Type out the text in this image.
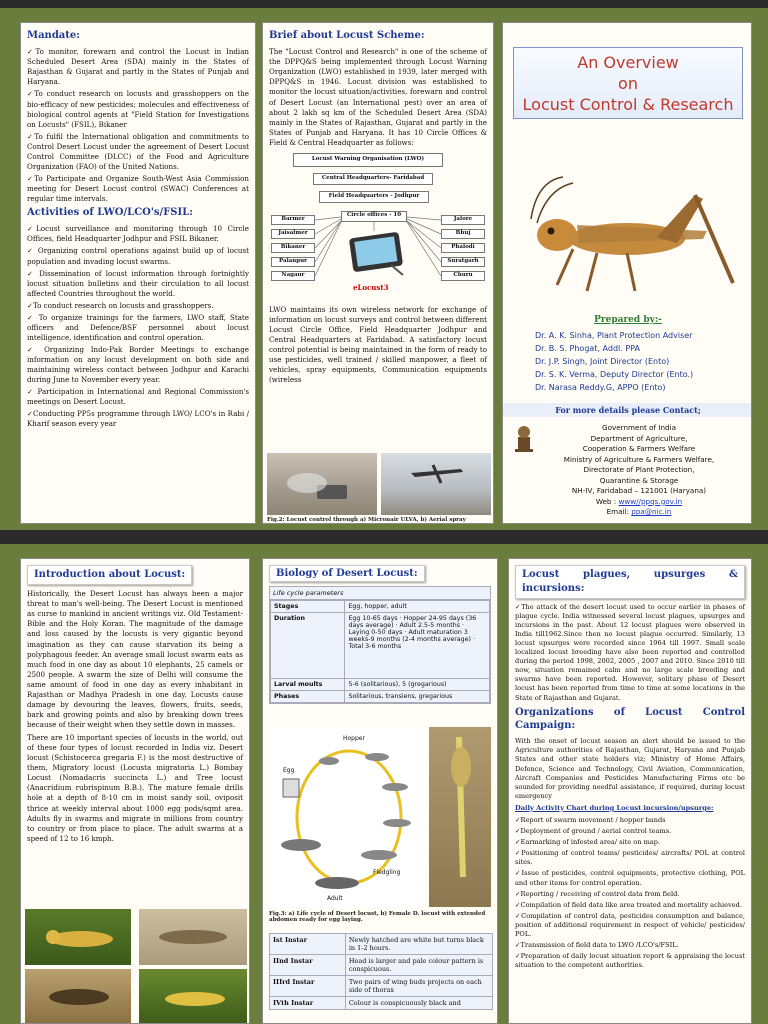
Mandate:

✓To monitor, forewarn and control the Locust in Indian Scheduled Desert Area (SDA) mainly in the States of Rajasthan & Gujarat and partly in the States of Punjab and Haryana.

✓To conduct research on locusts and grasshoppers on the bio-efficacy of new pesticides; molecules and effectiveness of biological control agents at "Field Station for Investigations on Locusts" (FSIL), Bikaner

✓To fulfil the International obligation and commitments to Control Desert Locust under the agreement of Desert Locust Control Committee (DLCC) of the Food and Agriculture Organization (FAO) of the United Nations.

✓To Participate and Organize South-West Asia Commission meeting for Desert Locust control (SWAC) Conferences at regular time intervals.

Activities of LWO/LCO's/FSIL:

✓Locust surveillance and monitoring through 10 Circle Offices, field Headquarter Jodhpur and FSIL Bikaner.

✓ Organizing control operations against build up of locust population and invading locust swarms.

✓ Dissemination of locust information through fortnightly locust situation bulletins and their circulation to all locust affected Countries throughout the world.

✓To conduct research on locusts and grasshoppers.

✓ To organize trainings for the farmers, LWO staff, State officers and Defence/BSF personnel about locust intelligence, identification and control operation.

✓ Organizing Indo-Pak Border Meetings to exchange information on any locust development on both side and maintaining wireless contact between Jodhpur and Karachi during June to November every year.

✓ Participation in International and Regional Commission's meetings on Desert Locust.

✓Conducting PP5s programme through LWO/ LCO's in Rabi / Kharif season every year

Brief about Locust Scheme:

The "Locust Control and Research" is one of the scheme of the DPPQ&S being implemented through Locust Warning Organization (LWO) established in 1939, later merged with DPPQ&S in 1946. Locust division was established to monitor the locust situation/activities, forewarn and control of Desert Locust (an International pest) over an area of about 2 lakh sq km of the Scheduled Desert Area (SDA) mainly in the States of Rajasthan, Gujarat and partly in the States of Punjab and Haryana. It has 10 Circle Offices & Field & Central Headquarter as follows:

Locust Warning Organisation (LWO)
Central Headquarters- Faridabad
Field Headquarters - Jodhpur
Circle offices - 10
Barmer
Jaisalmer
Bikaner
Palanpur
Nagaur
Jalore
Bhuj
Phalodi
Suratgarh
Churu
eLocust3

LWO maintains its own wireless network for exchange of information on locust surveys and control between different Locust Circle Office, Field Headquarter Jodhpur and Central Headquarters at Faridabad. A satisfactory locust control potential is being maintained in the form of ready to use pesticides, well trained / skilled manpower, a fleet of vehicles, spray equipments, Communication equipments (wireless

Fig.2: Locust control through a) Micronair ULVA, b) Aerial spray
An Overview
on
Locust Control & Research
Prepared by:-
Dr. A. K. Sinha, Plant Protection Adviser
Dr. B. S. Phogat, Addl. PPA
Dr. J.P. Singh, Joint Director (Ento)
Dr. S. K. Verma, Deputy Director (Ento.)
Dr. Narasa Reddy.G, APPO (Ento)
For more details please Contact;
Government of India
Department of Agriculture,
Cooperation & Farmers Welfare
Ministry of Agriculture & Farmers Welfare,
Directorate of Plant Protection,
Quarantine & Storage
NH-IV, Faridabad – 121001 (Haryana)
Web : www//ppqs.gov.in
Email: ppa@nic.in
Introduction about Locust:

Historically, the Desert Locust has always been a major threat to man's well-being. The Desert Locust is mentioned as curse to mankind in ancient writings viz. Old Testament-Bible and the Holy Koran. The magnitude of the damage and loss caused by the locusts is very gigantic beyond imagination as they can cause starvation its being a polyphagous feeder. An average small locust swarm eats as much food in one day as about 10 elephants, 25 camels or 2500 people. A swarm the size of Delhi will consume the same amount of food in one day as every inhabitant in Rajasthan or Madhya Pradesh in one day. Locusts cause damage by devouring the leaves, flowers, fruits, seeds, bark and growing points and also by breaking down trees because of their weight when they settle down in masses.

There are 10 important species of locusts in the world, out of these four types of locust recorded in India viz. Desert locust (Schistocerca gregaria F.) is the most destructive of them, Migratory locust (Locusta migratoria L.) Bombay Locust (Nomadacris succincta L.) and Tree locust (Anacridium rubrispinum B.B.). The mature female drills hole at a depth of 8-10 cm in moist sandy soil, oviposit thrice at weekly interval about 1000 egg pods/sqmt area. Adults fly in swarms and migrate in millions from country to country or from place to place. The adult swarms at a speed of 12 to 16 kmph.

Biology of Desert Locust:
Life cycle parameters
Stages	Egg, hopper, adult
Duration	Egg 10-65 days · Hopper 24-95 days (36 days average) · Adult 2.5-5 months · Laying 0-50 days · Adult maturation 3 weeks-9 months (2-4 months average) · Total 3-6 months
Larval moults	5-6 (solitarious), 5 (gregarious)
Phases	Solitarious, transiens, gregarious
Egg
Hopper
Fledgling
Adult
Fig.3: a) Life cycle of Desert locust, b) Female D. locust with extended abdomen ready for egg laying.
Ist Instar	Newly hatched are white but turns black in 1-2 hours.
IInd Instar	Head is larger and pale colour pattern is conspicuous.
IIIrd Instar	Two pairs of wing buds projects on each side of thorax
IVth Instar	Colour is conspicuously black and
Locust plagues, upsurges & incursions:

✓The attack of the desert locust used to occur earlier in phases of plague cycle. India witnessed several locust plagues, upsurges and incursions in the past. About 12 locust plagues were observed in India till1962.Since then no locust plague occurred. Similarly, 13 locust upsurges were recorded since 1964 till 1997. Small scale localized locust breeding have also been reported and controlled during the period 1998, 2002, 2005 , 2007 and 2010. Since 2010 till now, situation remained calm and no large scale breeding and swarms have been reported. However, solitary phase of Desert locust has been reported from time to time at some locations in the State of Rajasthan and Gujarat.

Organizations of Locust Control Campaign:

With the onset of locust season an alert should be issued to the Agriculture authorities of Rajasthan, Gujarat, Haryana and Punjab States and other state holders viz; Ministry of Home Affairs, Defence, Science and Technology, Civil Aviation, Communication, Aircraft Companies and Pesticides Manufacturing Firms etc be sounded for providing needful assistance, if required, during locust emergency

Daily Activity Chart during Locust incursion/upsurge:

✓Report of swarm movement / hopper bands

✓Deployment of ground / aerial control teams.

✓Earmarking of infested area/ site on map.

✓Positioning of control teams/ pesticides/ aircrafts/ POL at control sites.

✓Issue of pesticides, control equipments, protective clothing, POL and other items for control operation.

✓Reporting / receiving of control data from field.

✓Compilation of field data like area treated and mortality achieved.

✓Compilation of control data, pesticides consumption and balance, position of additional requirement in respect of vehicle/ pesticides/ POL.

✓Transmission of field data to LWO /LCO's/FSIL.

✓Preparation of daily locust situation report & appraising the locust situation to the competent authorities.
